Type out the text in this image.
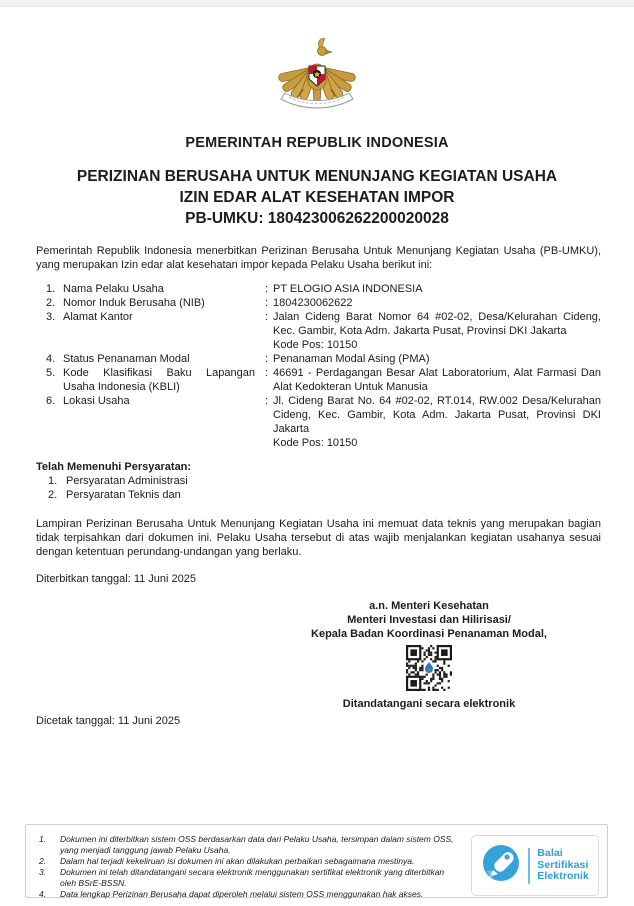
PEMERINTAH REPUBLIK INDONESIA
PERIZINAN BERUSAHA UNTUK MENUNJANG KEGIATAN USAHA
IZIN EDAR ALAT KESEHATAN IMPOR
PB-UMKU: 180423006262200020028
Pemerintah Republik Indonesia menerbitkan Perizinan Berusaha Untuk Menunjang Kegiatan Usaha (PB-UMKU), yang merupakan Izin edar alat kesehatan impor kepada Pelaku Usaha berikut ini:
1. Nama Pelaku Usaha	: PT ELOGIO ASIA INDONESIA
2. Nomor Induk Berusaha (NIB)	: 1804230062622
3. Alamat Kantor	: Jalan Cideng Barat Nomor 64 #02-02, Desa/Kelurahan Cideng, Kec. Gambir, Kota Adm. Jakarta Pusat, Provinsi DKI Jakarta
Kode Pos: 10150
4. Status Penanaman Modal	: Penanaman Modal Asing (PMA)
5. Kode Klasifikasi Baku Lapangan Usaha Indonesia (KBLI)
: 46691 - Perdagangan Besar Alat Laboratorium, Alat Farmasi Dan Alat Kedokteran Untuk Manusia
6. Lokasi Usaha	: Jl. Cideng Barat No. 64 #02-02, RT.014, RW.002 Desa/Kelurahan Cideng, Kec. Gambir, Kota Adm. Jakarta Pusat, Provinsi DKI Jakarta
Kode Pos: 10150
Telah Memenuhi Persyaratan:
1. Persyaratan Administrasi
2. Persyaratan Teknis dan
Lampiran Perizinan Berusaha Untuk Menunjang Kegiatan Usaha ini memuat data teknis yang merupakan bagian tidak terpisahkan dari dokumen ini. Pelaku Usaha tersebut di atas wajib menjalankan kegiatan usahanya sesuai dengan ketentuan perundang-undangan yang berlaku.
Diterbitkan tanggal: 11 Juni 2025
a.n. Menteri Kesehatan
Menteri Investasi dan Hilirisasi/
Kepala Badan Koordinasi Penanaman Modal,
Ditandatangani secara elektronik
Dicetak tanggal: 11 Juni 2025
1.	Dokumen ini diterbitkan sistem OSS berdasarkan data dari Pelaku Usaha, tersimpan dalam sistem OSS, yang menjadi tanggung jawab Pelaku Usaha.
2.	Dalam hal terjadi kekeliruan isi dokumen ini akan dilakukan perbaikan sebagaimana mestinya.
3.	Dokumen ini telah ditandatangani secara elektronik menggunakan sertifikat elektronik yang diterbitkan oleh BSrE-BSSN.
4.	Data lengkap Perizinan Berusaha dapat diperoleh melalui sistem OSS menggunakan hak akses.
Balai
Sertifikasi
Elektronik
